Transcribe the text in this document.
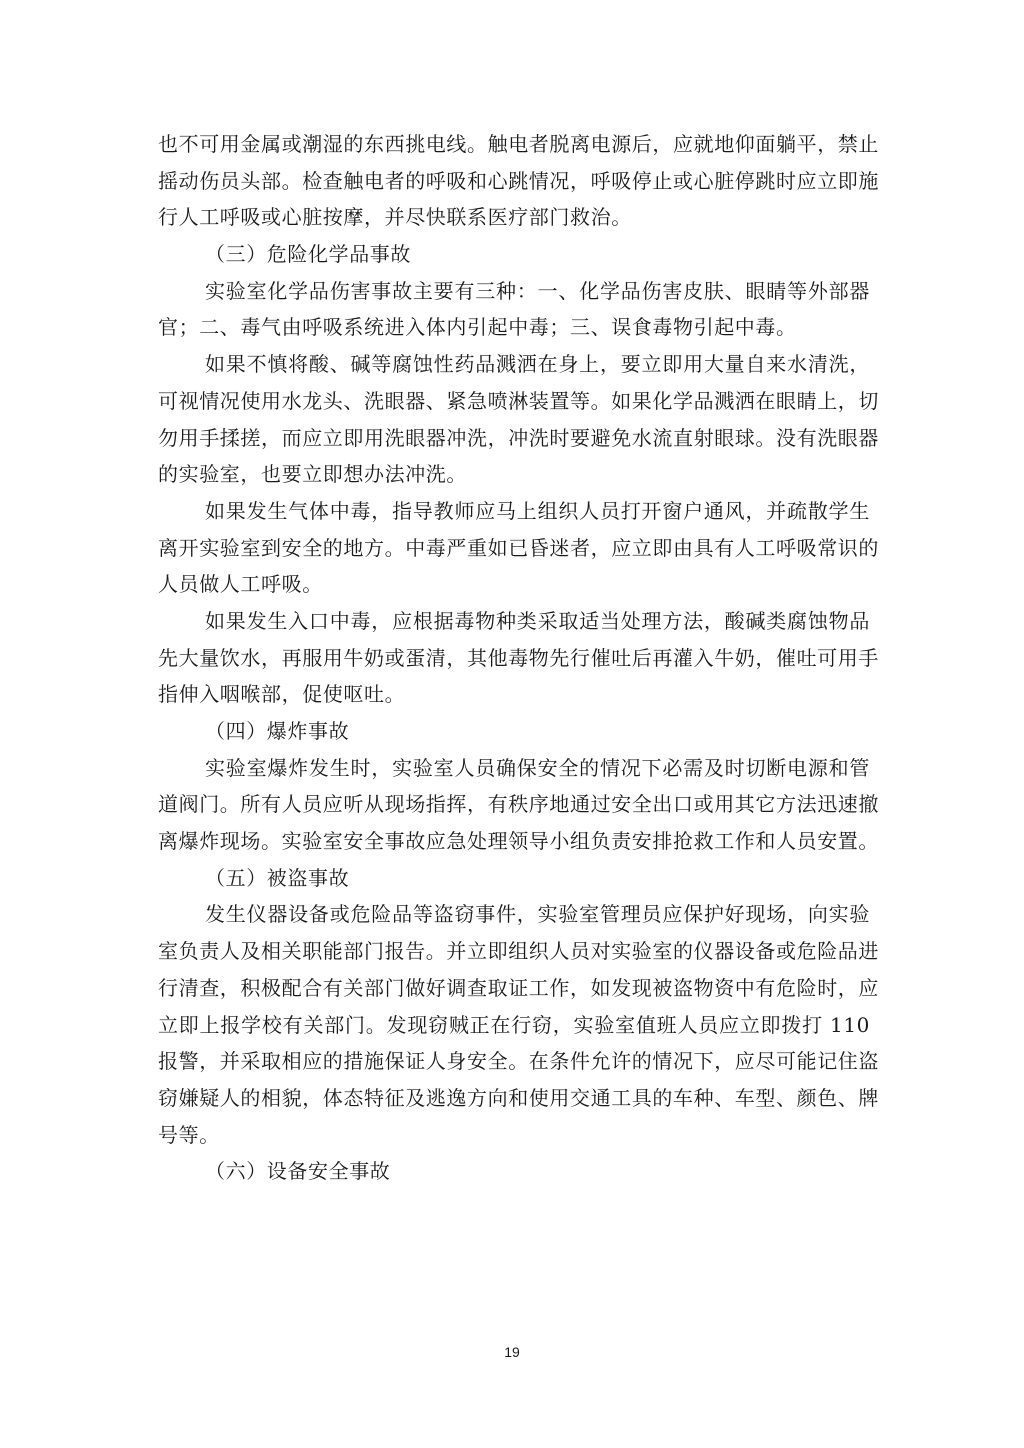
也不可用金属或潮湿的东西挑电线。触电者脱离电源后，应就地仰面躺平，禁止
摇动伤员头部。检查触电者的呼吸和心跳情况，呼吸停止或心脏停跳时应立即施
行人工呼吸或心脏按摩，并尽快联系医疗部门救治。
（三）危险化学品事故
实验室化学品伤害事故主要有三种：一、化学品伤害皮肤、眼睛等外部器
官；二、毒气由呼吸系统进入体内引起中毒；三、误食毒物引起中毒。
如果不慎将酸、碱等腐蚀性药品溅洒在身上，要立即用大量自来水清洗，
可视情况使用水龙头、洗眼器、紧急喷淋装置等。如果化学品溅洒在眼睛上，切
勿用手揉搓，而应立即用洗眼器冲洗，冲洗时要避免水流直射眼球。没有洗眼器
的实验室，也要立即想办法冲洗。
如果发生气体中毒，指导教师应马上组织人员打开窗户通风，并疏散学生
离开实验室到安全的地方。中毒严重如已昏迷者，应立即由具有人工呼吸常识的
人员做人工呼吸。
如果发生入口中毒，应根据毒物种类采取适当处理方法，酸碱类腐蚀物品
先大量饮水，再服用牛奶或蛋清，其他毒物先行催吐后再灌入牛奶，催吐可用手
指伸入咽喉部，促使呕吐。
（四）爆炸事故
实验室爆炸发生时，实验室人员确保安全的情况下必需及时切断电源和管
道阀门。所有人员应听从现场指挥，有秩序地通过安全出口或用其它方法迅速撤
离爆炸现场。实验室安全事故应急处理领导小组负责安排抢救工作和人员安置。
（五）被盗事故
发生仪器设备或危险品等盗窃事件，实验室管理员应保护好现场，向实验
室负责人及相关职能部门报告。并立即组织人员对实验室的仪器设备或危险品进
行清查，积极配合有关部门做好调查取证工作，如发现被盗物资中有危险时，应
立即上报学校有关部门。发现窃贼正在行窃，实验室值班人员应立即拨打 110
报警，并采取相应的措施保证人身安全。在条件允许的情况下，应尽可能记住盗
窃嫌疑人的相貌，体态特征及逃逸方向和使用交通工具的车种、车型、颜色、牌
号等。
（六）设备安全事故
19
